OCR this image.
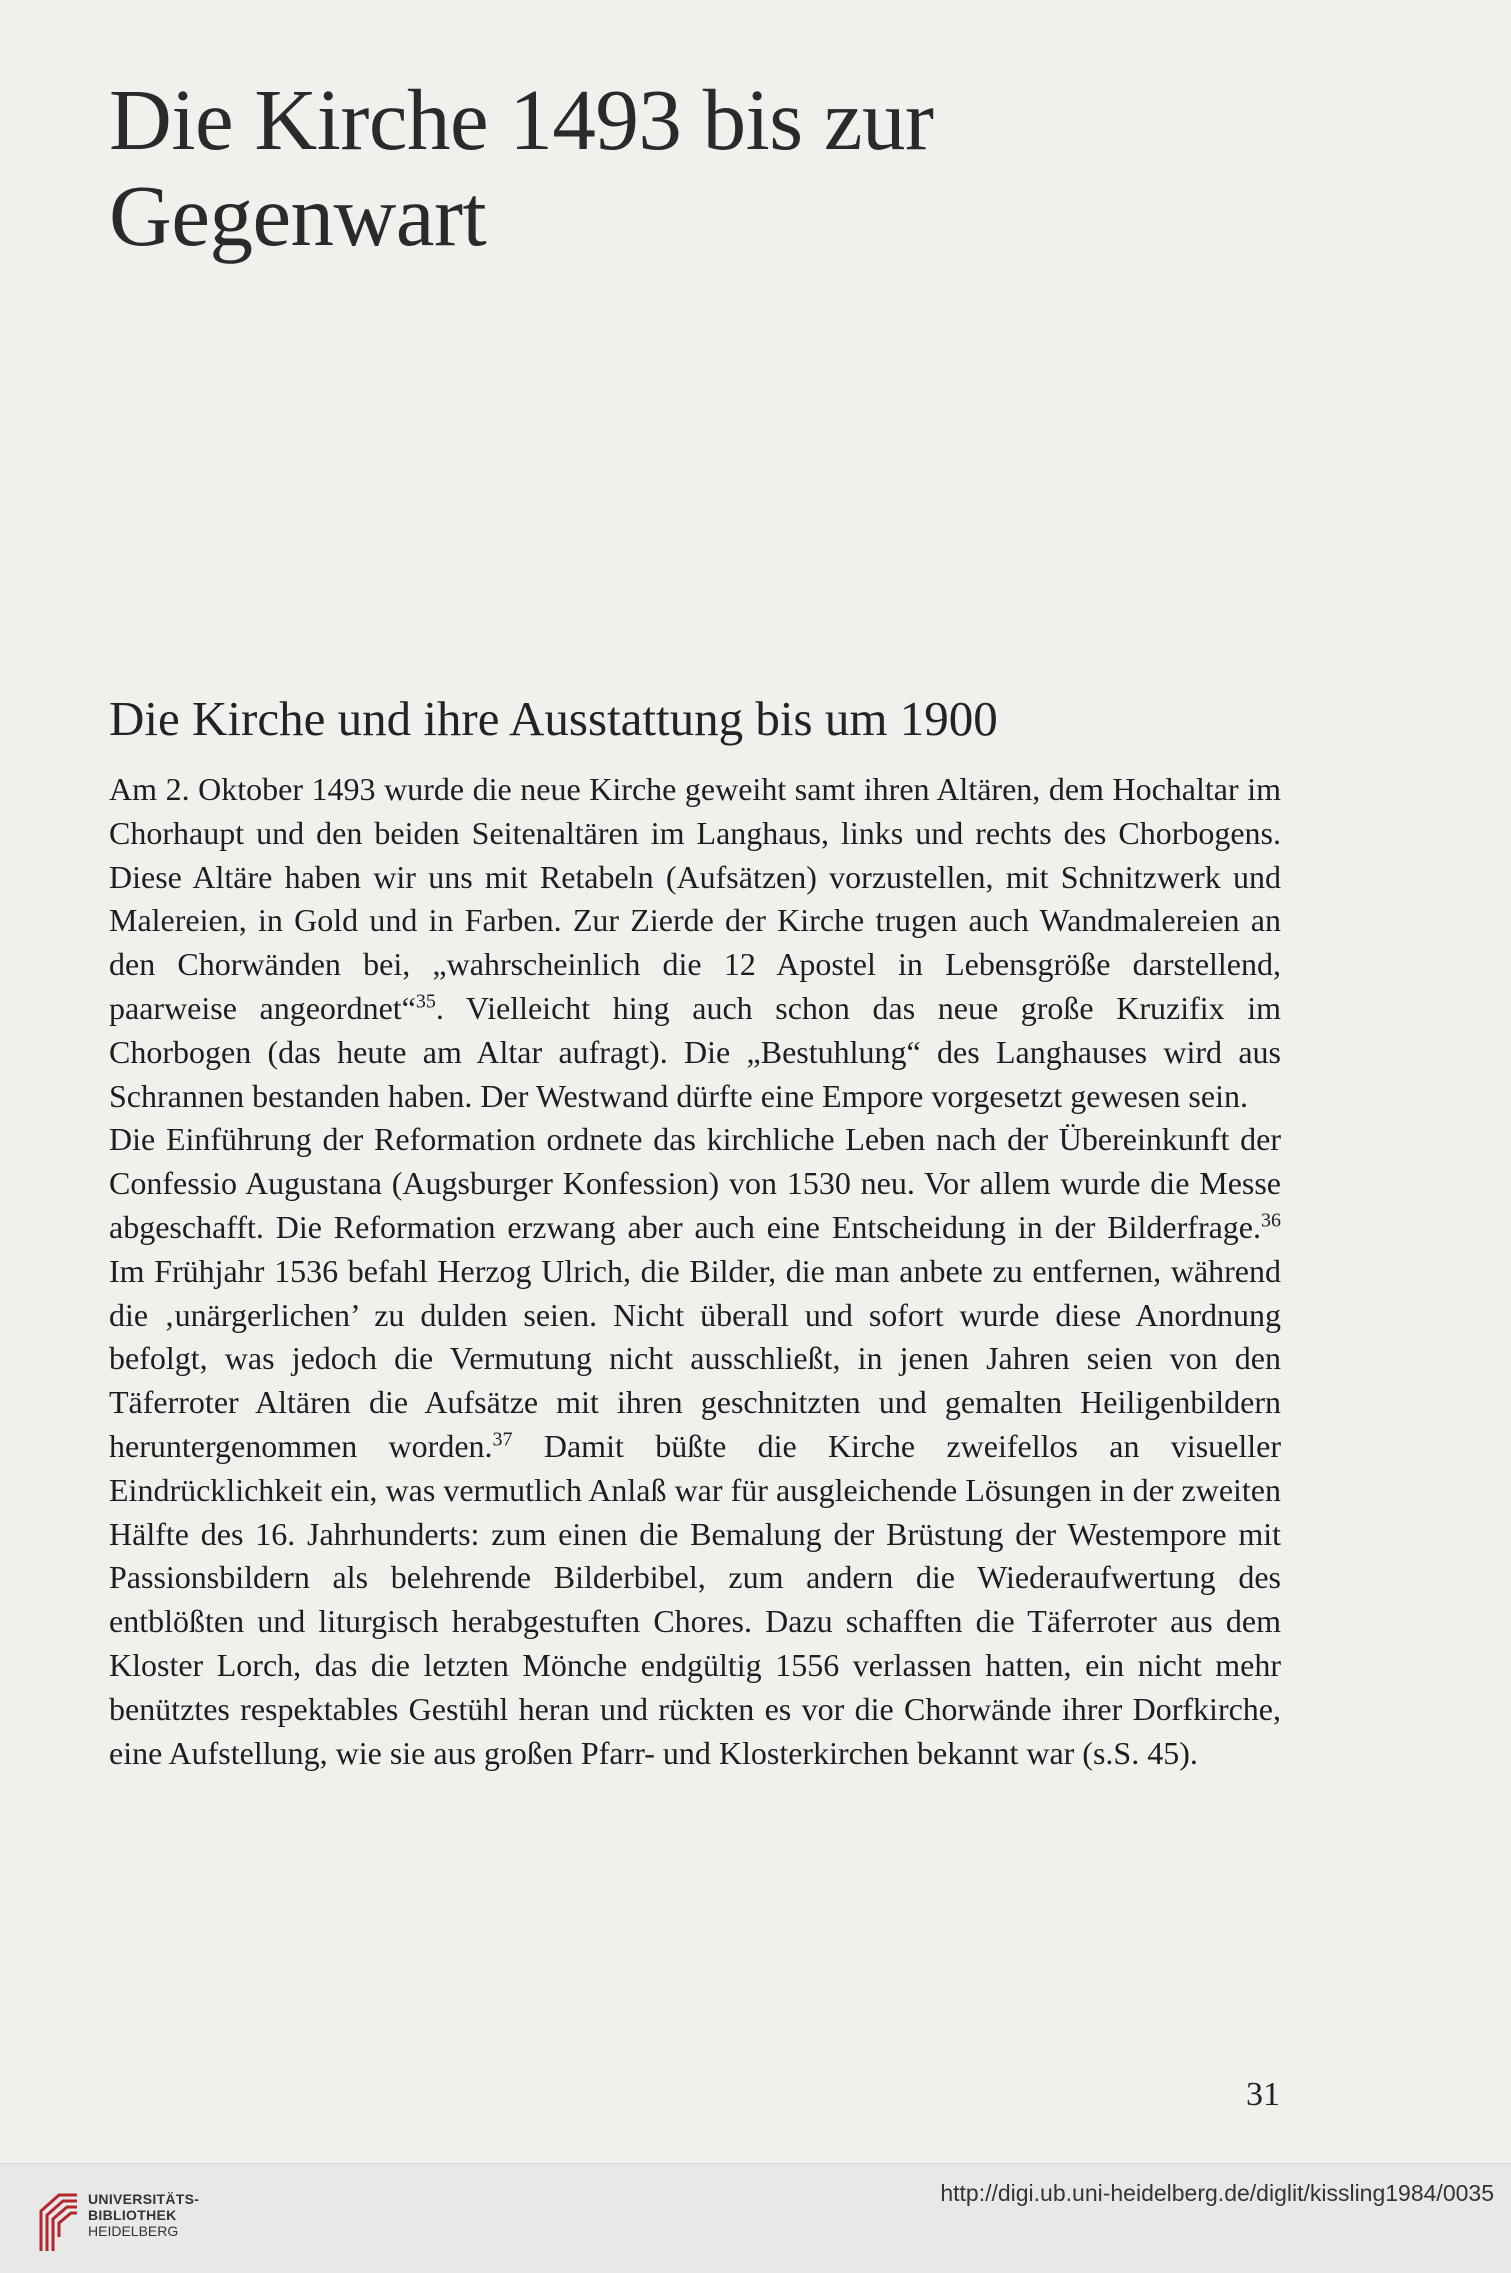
Die Kirche 1493 bis zur Gegenwart
Die Kirche und ihre Ausstattung bis um 1900

Am 2. Oktober 1493 wurde die neue Kirche geweiht samt ihren Altären, dem Hochaltar im Chorhaupt und den beiden Seitenaltären im Langhaus, links und rechts des Chorbogens. Diese Altäre haben wir uns mit Retabeln (Aufsätzen) vorzustellen, mit Schnitzwerk und Malereien, in Gold und in Farben. Zur Zierde der Kirche trugen auch Wandmalereien an den Chorwänden bei, „wahrscheinlich die 12 Apostel in Lebensgröße darstellend, paarweise angeordnet“$^{35}$. Vielleicht hing auch schon das neue große Kruzifix im Chorbogen (das heute am Altar aufragt). Die „Bestuhlung“ des Langhauses wird aus Schrannen bestanden haben. Der Westwand dürfte eine Empore vorgesetzt gewesen sein.

Die Einführung der Reformation ordnete das kirchliche Leben nach der Übereinkunft der Confessio Augustana (Augsburger Konfession) von 1530 neu. Vor allem wurde die Messe abgeschafft. Die Reformation erzwang aber auch eine Entscheidung in der Bilderfrage.$^{36}$ Im Frühjahr 1536 befahl Herzog Ulrich, die Bilder, die man anbete zu entfernen, während die ‚unärgerlichen’ zu dulden seien. Nicht überall und sofort wurde diese Anordnung befolgt, was jedoch die Vermutung nicht ausschließt, in jenen Jahren seien von den Täferroter Altären die Aufsätze mit ihren geschnitzten und gemalten Heiligenbildern heruntergenommen worden.$^{37}$ Damit büßte die Kirche zweifellos an visueller Eindrücklichkeit ein, was vermutlich Anlaß war für ausgleichende Lösungen in der zweiten Hälfte des 16. Jahrhunderts: zum einen die Bemalung der Brüstung der Westempore mit Passionsbildern als belehrende Bilderbibel, zum andern die Wiederaufwertung des entblößten und liturgisch herabgestuften Chores. Dazu schafften die Täferroter aus dem Kloster Lorch, das die letzten Mönche endgültig 1556 verlassen hatten, ein nicht mehr benütztes respektables Gestühl heran und rückten es vor die Chorwände ihrer Dorfkirche, eine Aufstellung, wie sie aus großen Pfarr- und Klosterkirchen bekannt war (s.S. 45).

31
UNIVERSITÄTS-
BIBLIOTHEK
HEIDELBERG
http://digi.ub.uni-heidelberg.de/diglit/kissling1984/0035
